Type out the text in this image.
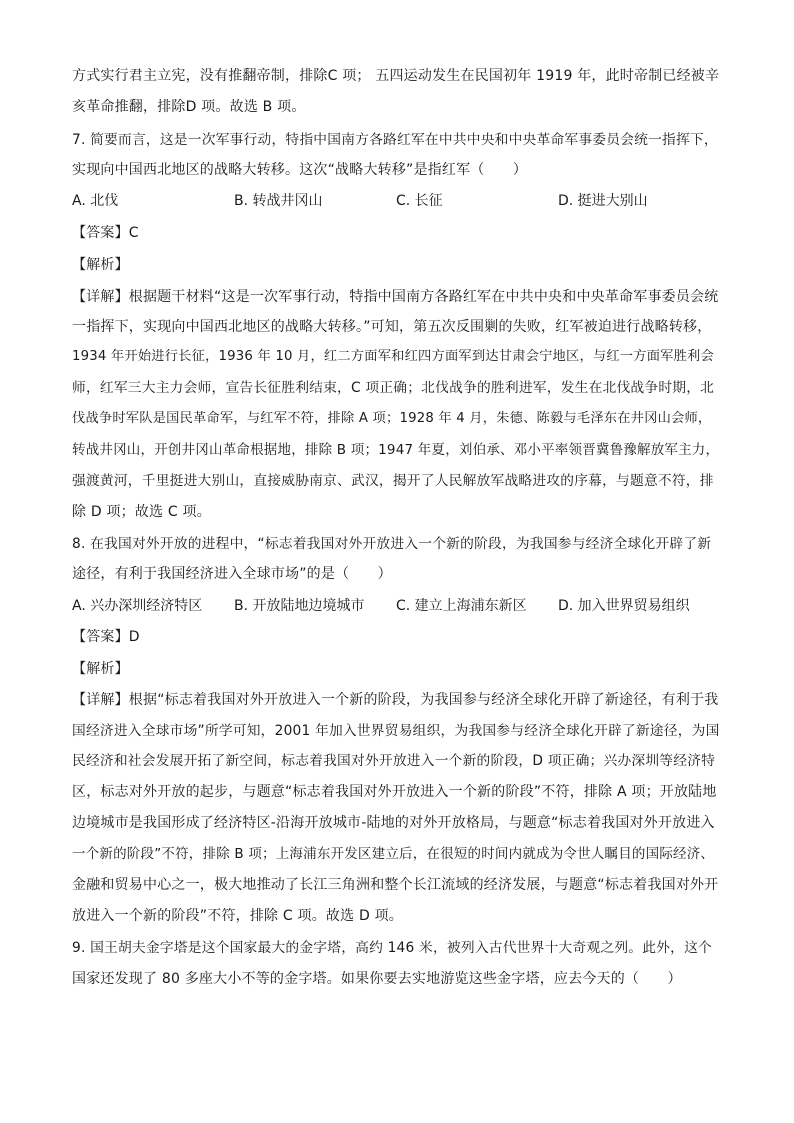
方式实行君主立宪，没有推翻帝制，排除C 项； 五四运动发生在民国初年 1919 年，此时帝制已经被辛
亥革命推翻，排除D 项。故选 B 项。
7. 简要而言，这是一次军事行动，特指中国南方各路红军在中共中央和中央革命军事委员会统一指挥下，
实现向中国西北地区的战略大转移。这次“战略大转移”是指红军（　　）
A. 北伐	B. 转战井冈山	C. 长征	D. 挺进大别山
【答案】C
【解析】
【详解】根据题干材料“这是一次军事行动，特指中国南方各路红军在中共中央和中央革命军事委员会统
一指挥下，实现向中国西北地区的战略大转移。”可知，第五次反围剿的失败，红军被迫进行战略转移，
1934 年开始进行长征，1936 年 10 月，红二方面军和红四方面军到达甘肃会宁地区，与红一方面军胜利会
师，红军三大主力会师，宣告长征胜利结束，C 项正确；北伐战争的胜利进军，发生在北伐战争时期，北
伐战争时军队是国民革命军，与红军不符，排除 A 项；1928 年 4 月，朱德、陈毅与毛泽东在井冈山会师，
转战井冈山，开创井冈山革命根据地，排除 B 项；1947 年夏，刘伯承、邓小平率领晋冀鲁豫解放军主力，
强渡黄河，千里挺进大别山，直接威胁南京、武汉，揭开了人民解放军战略进攻的序幕，与题意不符，排
除 D 项；故选 C 项。
8. 在我国对外开放的进程中，“标志着我国对外开放进入一个新的阶段，为我国参与经济全球化开辟了新
途径，有利于我国经济进入全球市场”的是（　　）
A. 兴办深圳经济特区 B. 开放陆地边境城市 C. 建立上海浦东新区 D. 加入世界贸易组织
【答案】D
【解析】
【详解】根据“标志着我国对外开放进入一个新的阶段，为我国参与经济全球化开辟了新途径，有利于我
国经济进入全球市场”所学可知，2001 年加入世界贸易组织，为我国参与经济全球化开辟了新途径，为国
民经济和社会发展开拓了新空间，标志着我国对外开放进入一个新的阶段，D 项正确；兴办深圳等经济特
区，标志对外开放的起步，与题意“标志着我国对外开放进入一个新的阶段”不符，排除 A 项；开放陆地
边境城市是我国形成了经济特区-沿海开放城市-陆地的对外开放格局，与题意“标志着我国对外开放进入
一个新的阶段”不符，排除 B 项；上海浦东开发区建立后，在很短的时间内就成为令世人瞩目的国际经济、
金融和贸易中心之一，极大地推动了长江三角洲和整个长江流域的经济发展，与题意“标志着我国对外开
放进入一个新的阶段”不符，排除 C 项。故选 D 项。
9. 国王胡夫金字塔是这个国家最大的金字塔，高约 146 米，被列入古代世界十大奇观之列。此外，这个
国家还发现了 80 多座大小不等的金字塔。如果你要去实地游览这些金字塔，应去今天的（　　）
